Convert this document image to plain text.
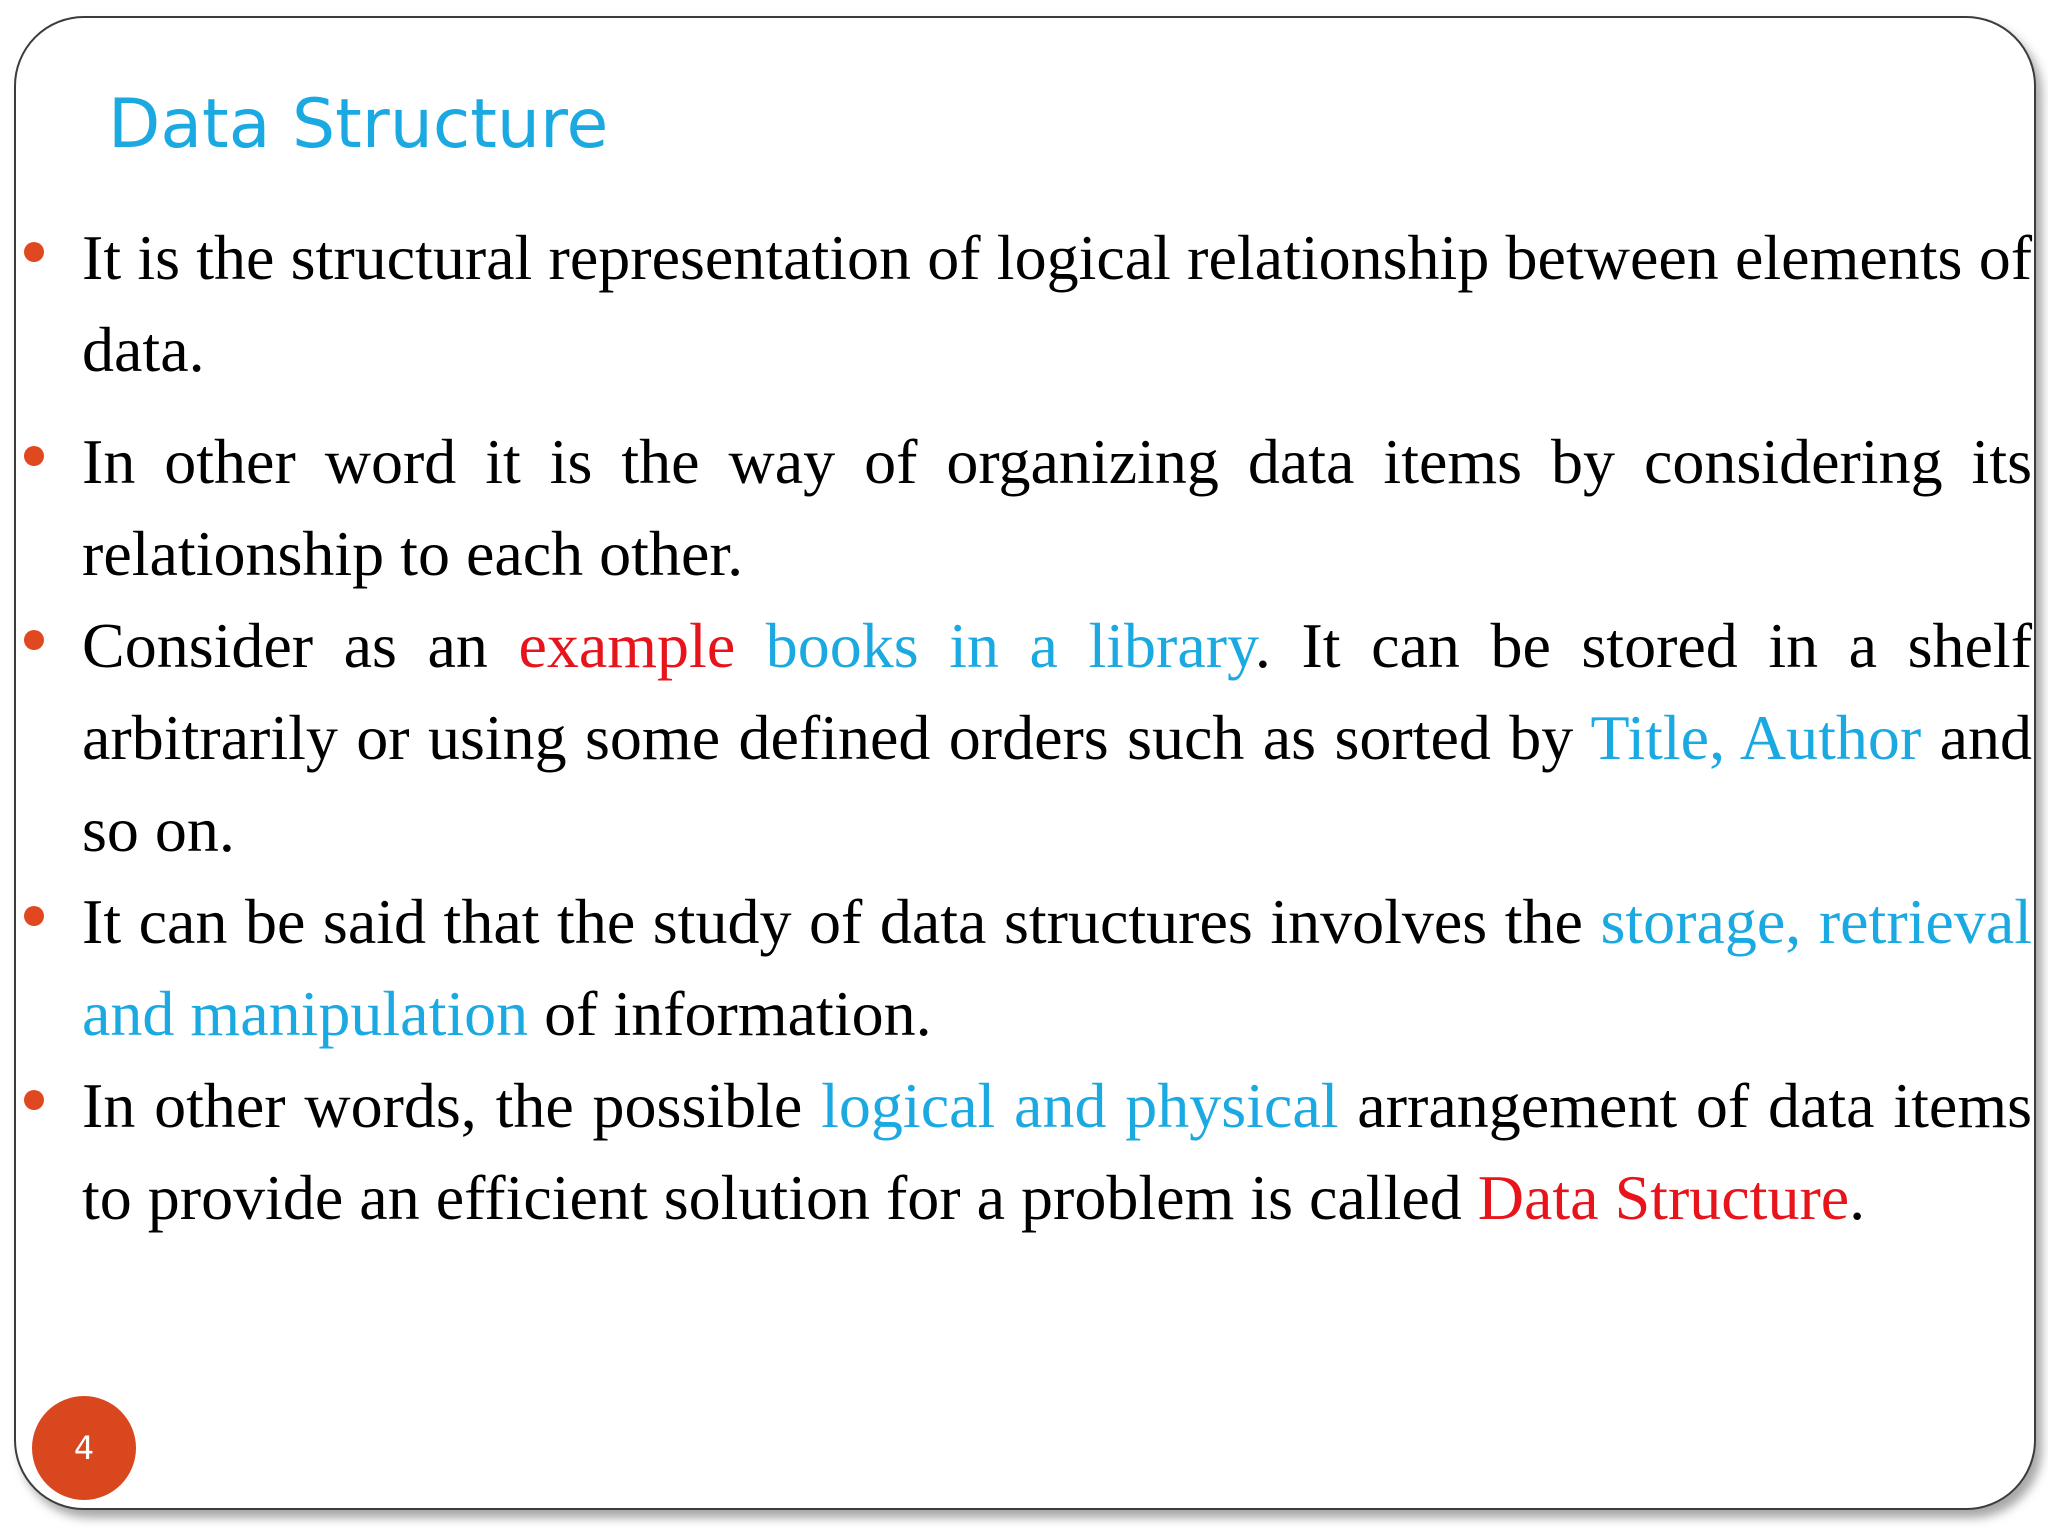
Data Structure
It is the structural representation of logical relationship between elements of data.
In other word it is the way of organizing data items by considering its relationship to each other.
Consider as an example books in a library. It can be stored in a shelf arbitrarily or using some defined orders such as sorted by Title, Author and so on.
It can be said that the study of data structures involves the storage, retrieval and manipulation of information.
In other words, the possible logical and physical arrangement of data items to provide an efficient solution for a problem is called Data Structure.
4
